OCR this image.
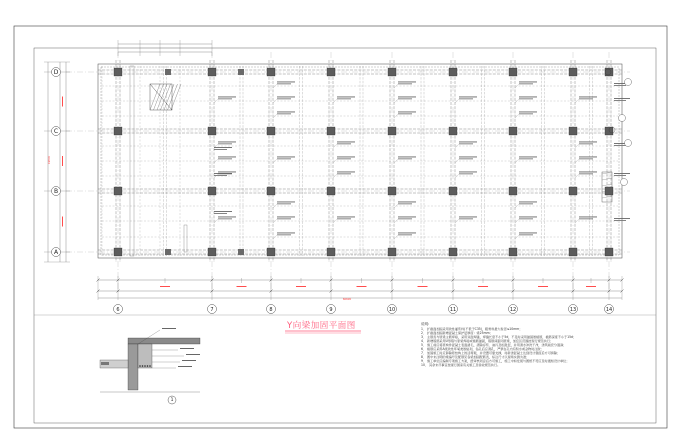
60600
19800
D
C
B
A
6	7	8	9	10	11	12	13	14
1
Y向梁加固平面图	说明:
1、 扩截面加固采用改性灌浆料(不低于C35)，粗骨料最大粒径≤10mm；
2、 扩截面加固新增混凝土保护层厚度：梁25mm；
3、 主筋需与原梁主筋焊接，采用双面焊缝，焊缝长度不小于5d，不足时采用锚固胶植筋，植筋深度不小于15d；
4、 新增箍筋采用U形箍与原梁焊接或植筋锚固，箍筋间距同原梁，加密区范围按现行规范执行；
5、 施工前应将原构件混凝土表面凿毛，清除浮浆、油污及松散层，并用清水冲洗干净，浇筑前充分湿润；
6、 植筋应采用A级改性环氧类胶粘剂，钻孔后应清孔，严禁在孔内有积水或杂物时注胶；
7、 加固施工时应卸除原结构上的活荷载，并设置可靠支撑，待新浇混凝土达到设计强度后方可拆除；
8、 图中未注明的梁编号及配筋见各梁加固配筋表，标注尺寸以现场实测为准；
9、 施工单位应编制专项施工方案，经审核同意后方可施工，施工中如发现与图纸不符应及时通知设计单位；
10、 其余未尽事宜按现行国家有关施工及验收规范执行。
